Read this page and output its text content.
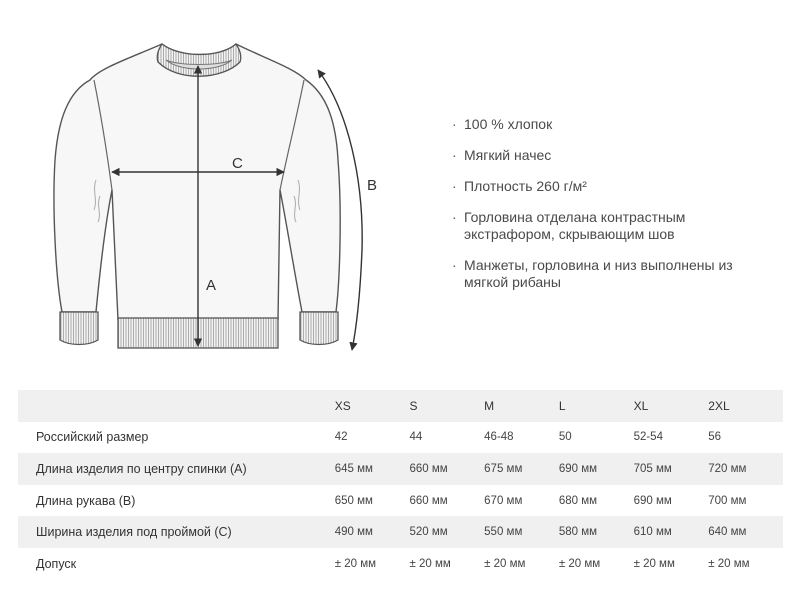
C
B
A
· 100 % хлопок
· Мягкий начес
· Плотность 260 г/м²
· Горловина отделана контрастным экстрафором, скрывающим шов
· Манжеты, горловина и низ выполнены из мягкой рибаны
	XS	S	M	L	XL	2XL
Российский размер	42	44	46-48	50	52-54	56
Длина изделия по центру спинки (A)	645 мм	660 мм	675 мм	690 мм	705 мм	720 мм
Длина рукава (B)	650 мм	660 мм	670 мм	680 мм	690 мм	700 мм
Ширина изделия под проймой (C)	490 мм	520 мм	550 мм	580 мм	610 мм	640 мм
Допуск	± 20 мм	± 20 мм	± 20 мм	± 20 мм	± 20 мм	± 20 мм
